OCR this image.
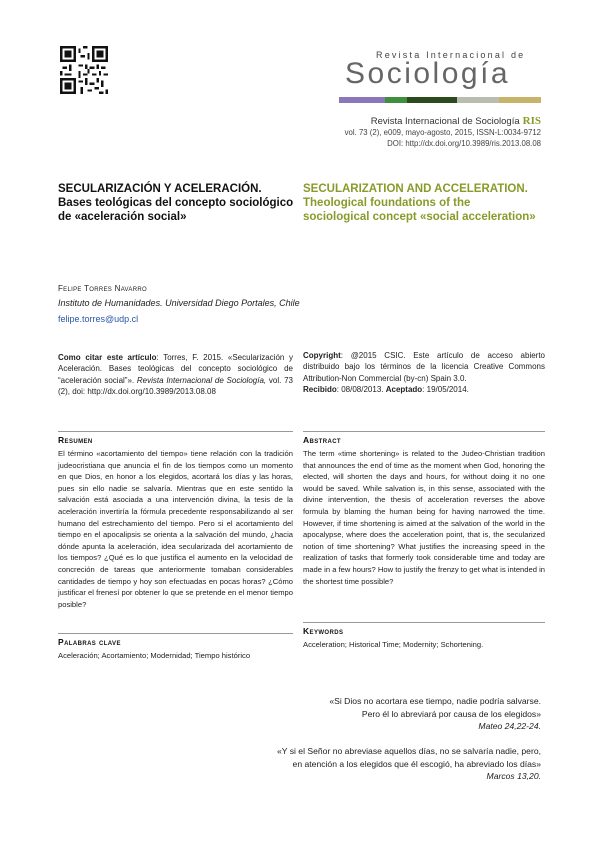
Revista Internacional de
Sociología
Revista Internacional de Sociología RIS
vol. 73 (2), e009, mayo-agosto, 2015, ISSN-L:0034-9712
DOI: http://dx.doi.org/10.3989/ris.2013.08.08
SECULARIZACIÓN Y ACELERACIÓN.
Bases teológicas del concepto sociológico
de «aceleración social»
SECULARIZATION AND ACCELERATION.
Theological foundations of the
sociological concept «social acceleration»
Felipe Torres Navarro
Instituto de Humanidades. Universidad Diego Portales, Chile
felipe.torres@udp.cl
Como citar este artículo: Torres, F. 2015. «Secularización y Aceleración. Bases teológicas del concepto sociológico de “aceleración social”». Revista Internacional de Sociología, vol. 73 (2), doi: http://dx.doi.org/10.3989/2013.08.08
Copyright: @2015 CSIC. Este artículo de acceso abierto distribuido bajo los términos de la licencia Creative Commons Attribution-Non Commercial (by-cn) Spain 3.0.
Recibido: 08/08/2013. Aceptado: 19/05/2014.
Resumen
El término «acortamiento del tiempo» tiene relación con la tradición judeocristiana que anuncia el fin de los tiempos como un momento en que Dios, en honor a los elegidos, acortará los días y las horas, pues sin ello nadie se salvaría. Mientras que en este sentido la salvación está asociada a una intervención divina, la tesis de la aceleración invertiría la fórmula precedente responsabilizando al ser humano del estrechamiento del tiempo. Pero si el acortamiento del tiempo en el apocalipsis se orienta a la salvación del mundo, ¿hacia dónde apunta la aceleración, idea secularizada del acortamiento de los tiempos? ¿Qué es lo que justifica el aumento en la velocidad de concreción de tareas que anteriormente tomaban considerables cantidades de tiempo y hoy son efectuadas en pocas horas? ¿Cómo justificar el frenesí por obtener lo que se pretende en el menor tiempo posible?
Abstract
The term «time shortening» is related to the Judeo-Christian tradition that announces the end of time as the moment when God, honoring the elected, will shorten the days and hours, for without doing it no one would be saved. While salvation is, in this sense, associated with the divine intervention, the thesis of acceleration reverses the above formula by blaming the human being for having narrowed the time. However, if time shortening is aimed at the salvation of the world in the apocalypse, where does the acceleration point, that is, the secularized notion of time shortening? What justifies the increasing speed in the realization of tasks that formerly took considerable time and today are made in a few hours? How to justify the frenzy to get what is intended in the shortest time possible?
Palabras clave
Aceleración; Acortamiento; Modernidad; Tiempo histórico
Keywords
Acceleration; Historical Time; Modernity; Schortening.
«Si Dios no acortara ese tiempo, nadie podría salvarse.
Pero él lo abreviará por causa de los elegidos»
Mateo 24,22-24.
«Y si el Señor no abreviase aquellos días, no se salvaría nadie, pero,
en atención a los elegidos que él escogió, ha abreviado los días»
Marcos 13,20.
